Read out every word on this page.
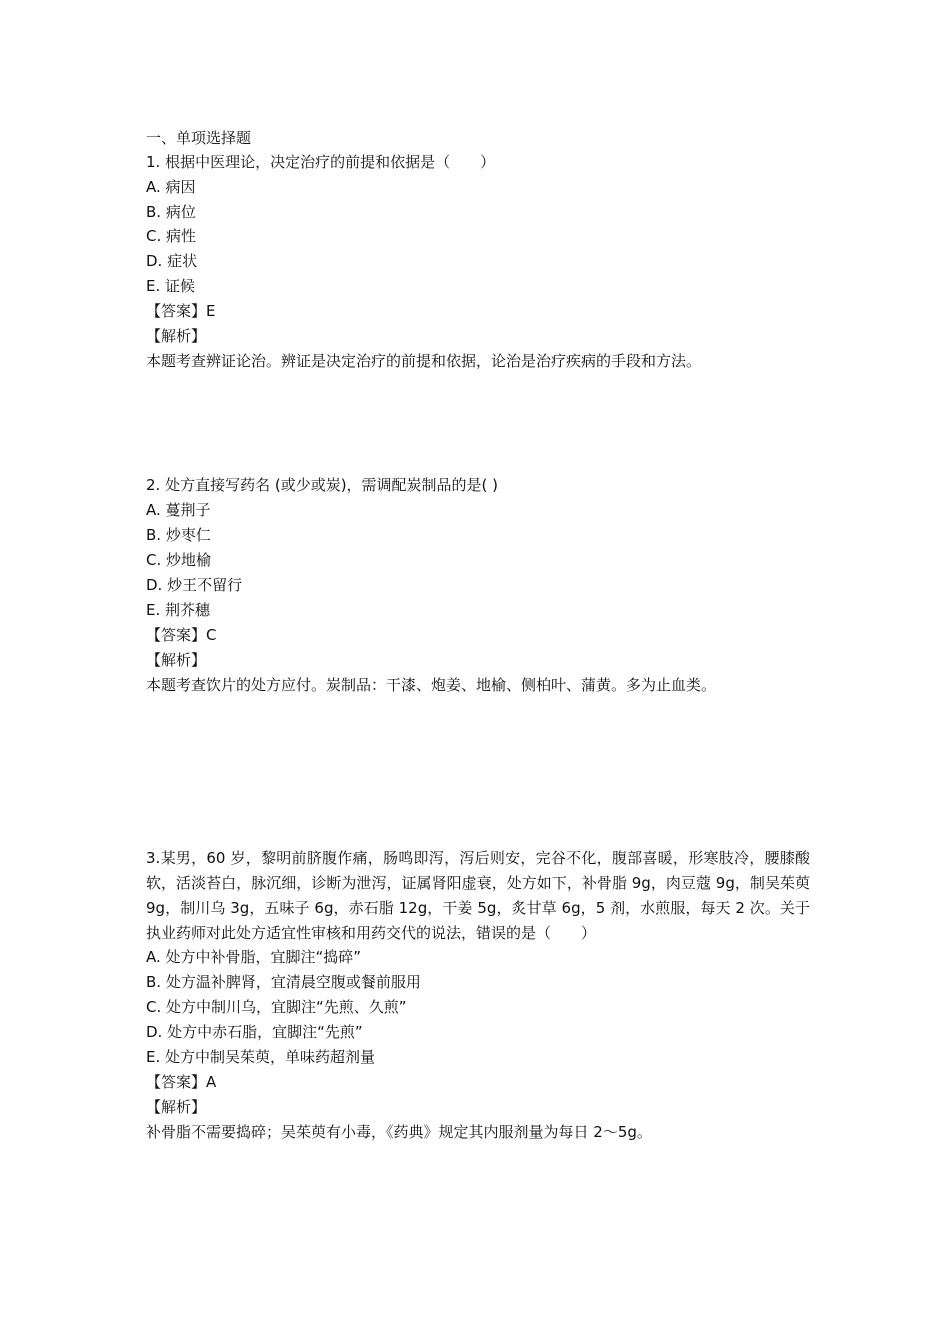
一、单项选择题
1. 根据中医理论，决定治疗的前提和依据是（　　）
A. 病因
B. 病位
C. 病性
D. 症状
E. 证候
【答案】E
【解析】
本题考查辨证论治。辨证是决定治疗的前提和依据，论治是治疗疾病的手段和方法。
2. 处方直接写药名 (或少或炭)，需调配炭制品的是( )
A. 蔓荆子
B. 炒枣仁
C. 炒地榆
D. 炒王不留行
E. 荆芥穗
【答案】C
【解析】
本题考查饮片的处方应付。炭制品：干漆、炮姜、地榆、侧柏叶、蒲黄。多为止血类。
3.某男，60 岁，黎明前脐腹作痛，肠鸣即泻，泻后则安，完谷不化，腹部喜暖，形寒肢冷，腰膝酸软，活淡苔白，脉沉细，诊断为泄泻，证属肾阳虚衰，处方如下，补骨脂 9g，肉豆蔻 9g，制吴茱萸 9g，制川乌 3g，五味子 6g，赤石脂 12g，干姜 5g，炙甘草 6g，5 剂，水煎服，每天 2 次。关于执业药师对此处方适宜性审核和用药交代的说法，错误的是（　　）
A. 处方中补骨脂，宜脚注“捣碎”
B. 处方温补脾肾，宜清晨空腹或餐前服用
C. 处方中制川乌，宜脚注“先煎、久煎”
D. 处方中赤石脂，宜脚注“先煎”
E. 处方中制吴茱萸，单味药超剂量
【答案】A
【解析】
补骨脂不需要捣碎；吴茱萸有小毒，《药典》规定其内服剂量为每日 2～5g。
